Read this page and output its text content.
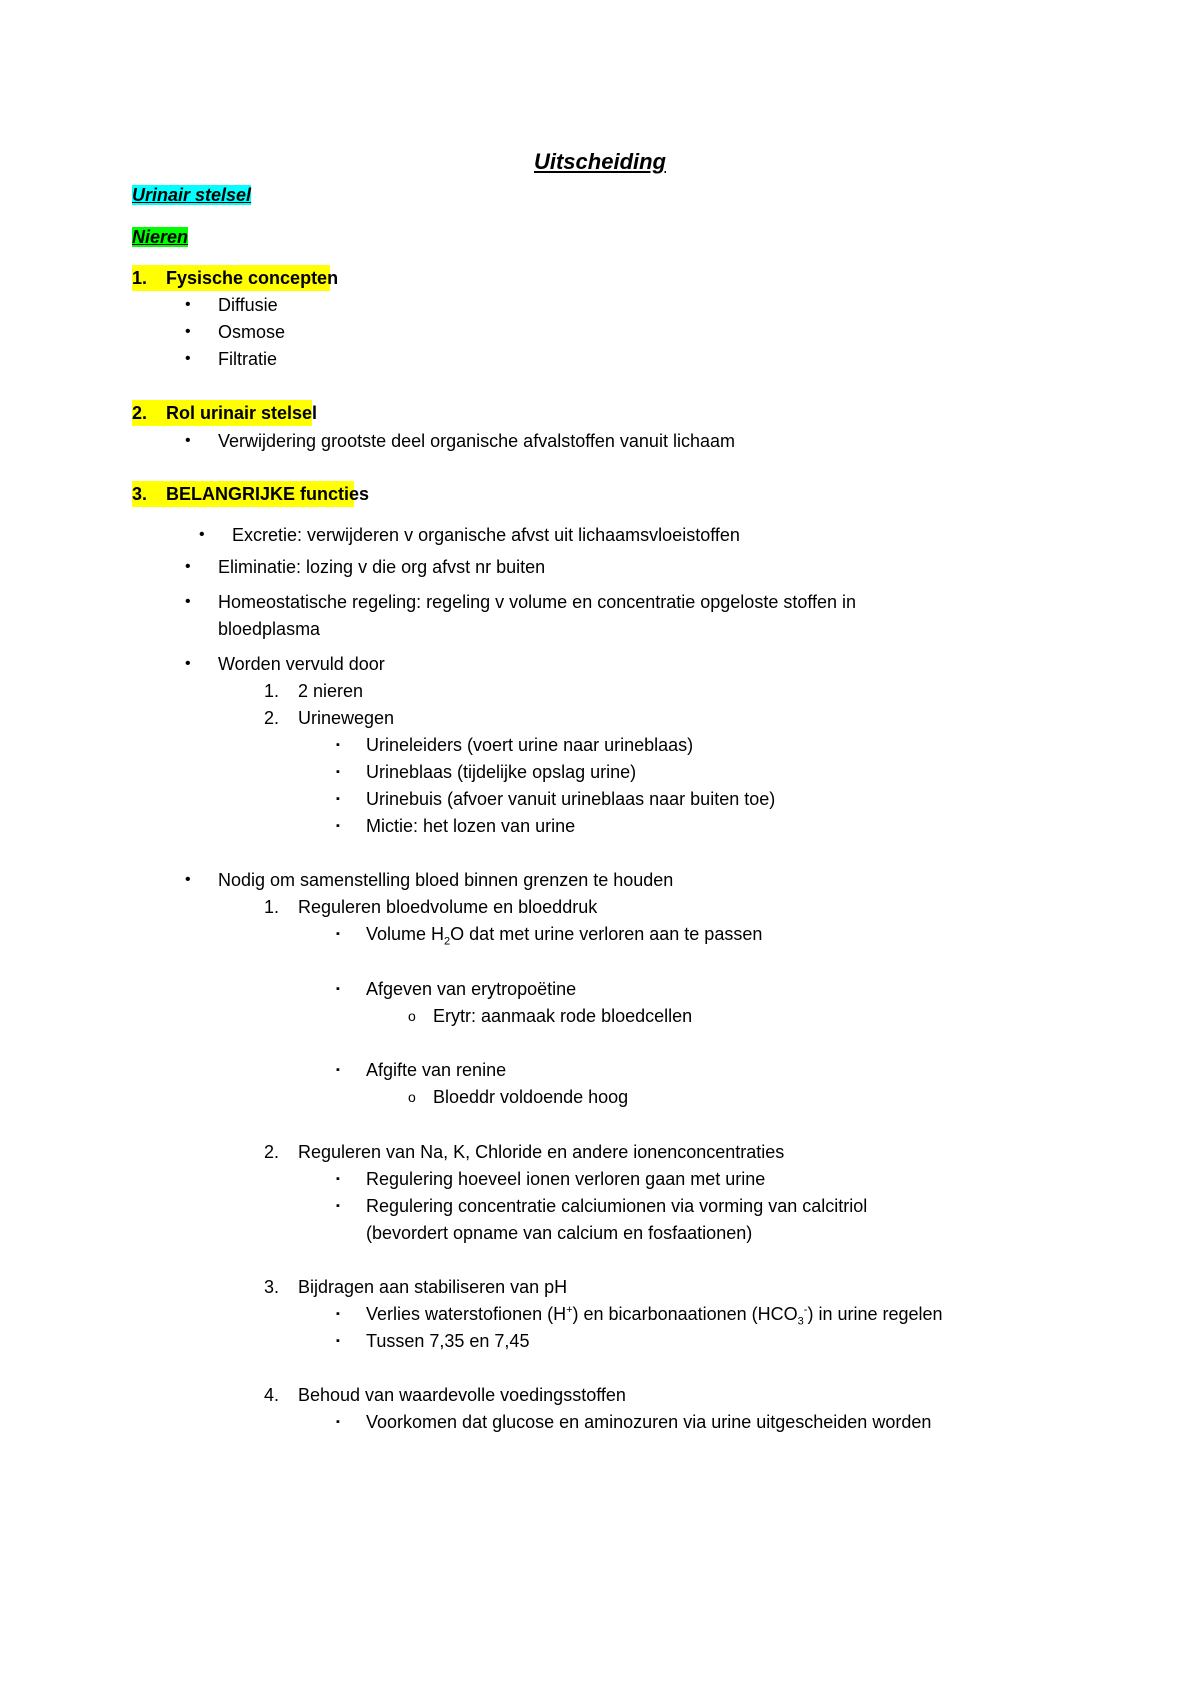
Uitscheiding
Urinair stelsel
Nieren
1. Fysische concepten
• Diffusie
• Osmose
• Filtratie
2. Rol urinair stelsel
• Verwijdering grootste deel organische afvalstoffen vanuit lichaam
3. BELANGRIJKE functies
• Excretie: verwijderen v organische afvst uit lichaamsvloeistoffen
• Eliminatie: lozing v die org afvst nr buiten
• Homeostatische regeling: regeling v volume en concentratie opgeloste stoffen in
bloedplasma
• Worden vervuld door
1. 2 nieren
2. Urinewegen
▪ Urineleiders (voert urine naar urineblaas)
▪ Urineblaas (tijdelijke opslag urine)
▪ Urinebuis (afvoer vanuit urineblaas naar buiten toe)
▪ Mictie: het lozen van urine
• Nodig om samenstelling bloed binnen grenzen te houden
1. Reguleren bloedvolume en bloeddruk
▪ Volume $H_2O$ dat met urine verloren aan te passen
▪ Afgeven van erytropoëtine
o Erytr: aanmaak rode bloedcellen
▪ Afgifte van renine
o Bloeddr voldoende hoog
2. Reguleren van Na, K, Chloride en andere ionenconcentraties
▪ Regulering hoeveel ionen verloren gaan met urine
▪ Regulering concentratie calciumionen via vorming van calcitriol
(bevordert opname van calcium en fosfaationen)
3. Bijdragen aan stabiliseren van pH
▪ Verlies waterstofionen (H+) en bicarbonaationen $(HCO_3^-)$ in urine regelen
▪ Tussen 7,35 en 7,45
4. Behoud van waardevolle voedingsstoffen
▪ Voorkomen dat glucose en aminozuren via urine uitgescheiden worden
